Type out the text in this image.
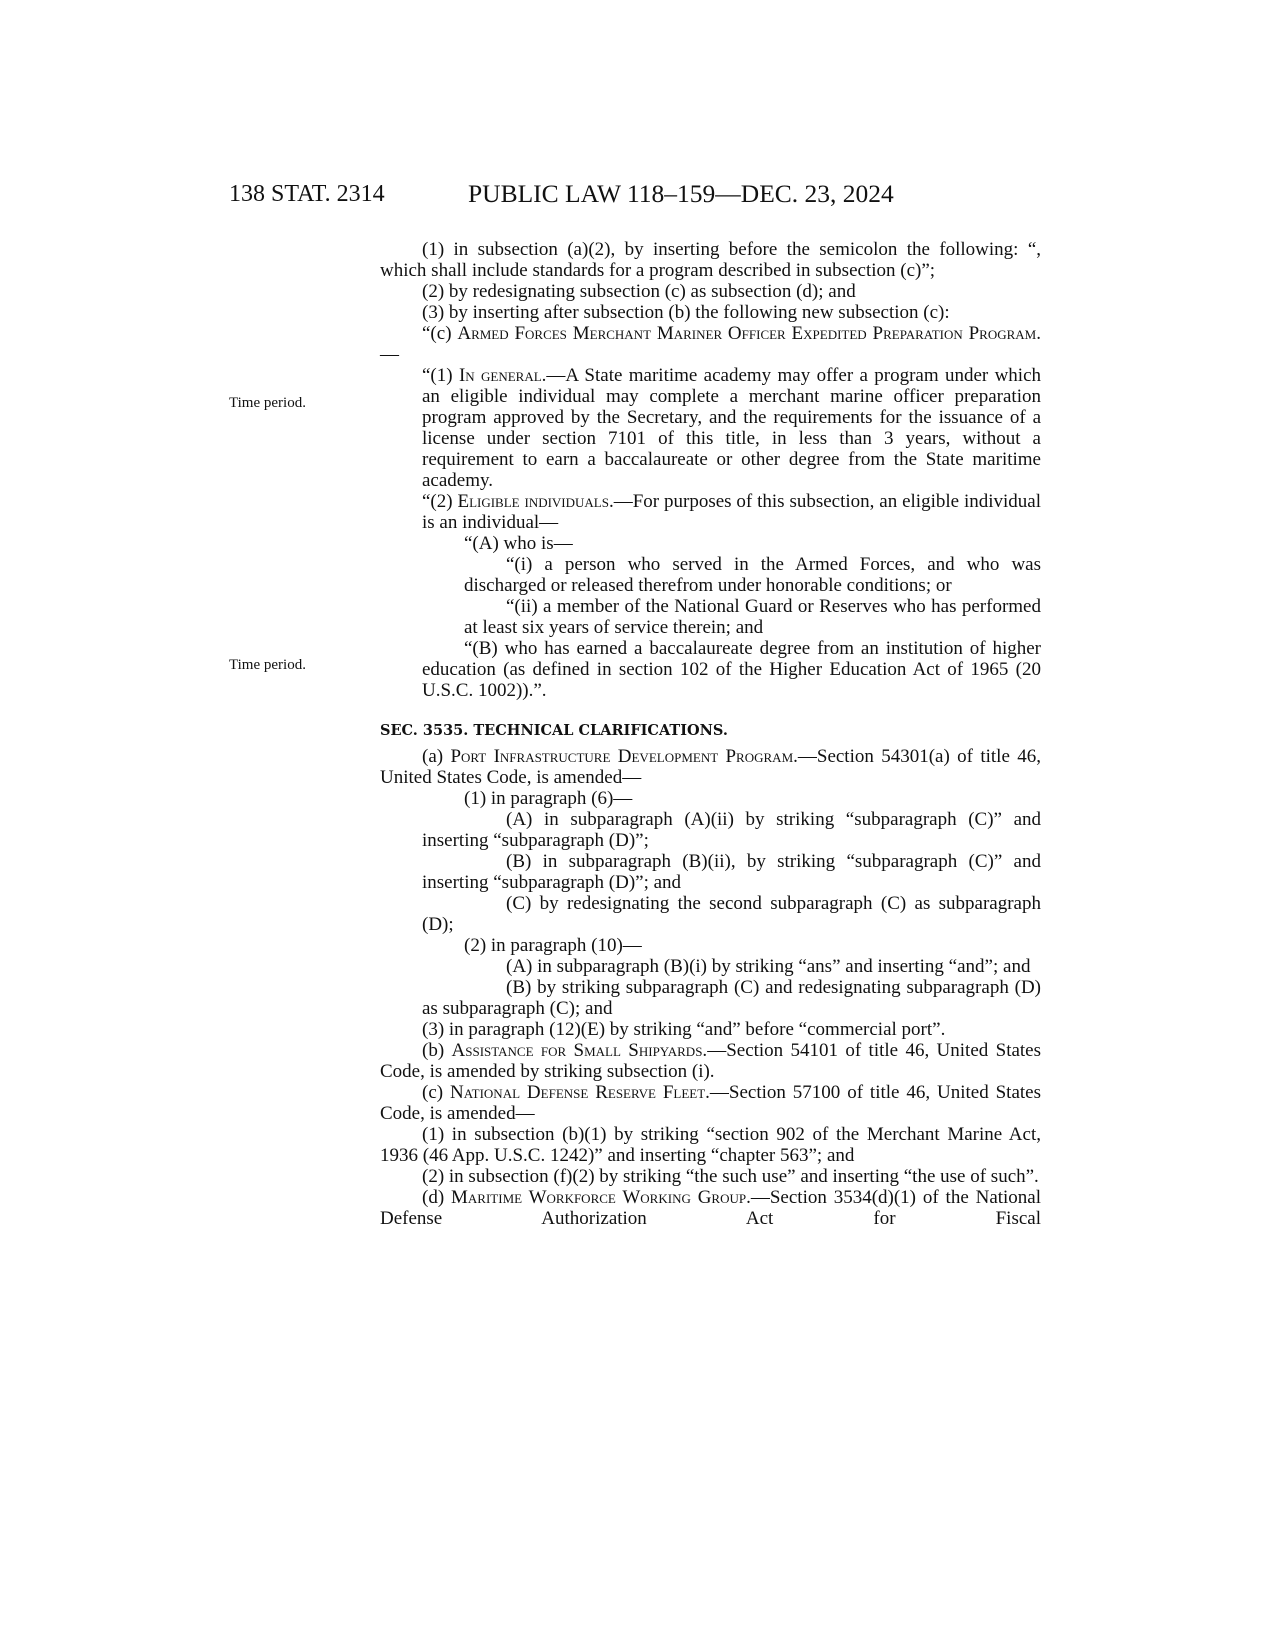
138 STAT. 2314	PUBLIC LAW 118–159—DEC. 23, 2024
Time period.
Time period.

(1) in subsection (a)(2), by inserting before the semicolon the following: “, which shall include standards for a program described in subsection (c)”;

(2) by redesignating subsection (c) as subsection (d); and

(3) by inserting after subsection (b) the following new subsection (c):

“(c) Armed Forces Merchant Mariner Officer Expedited Preparation Program.—

“(1) In general.—A State maritime academy may offer a program under which an eligible individual may complete a merchant marine officer preparation program approved by the Secretary, and the requirements for the issuance of a license under section 7101 of this title, in less than 3 years, without a requirement to earn a baccalaureate or other degree from the State maritime academy.

“(2) Eligible individuals.—For purposes of this subsection, an eligible individual is an individual—

“(A) who is—

“(i) a person who served in the Armed Forces, and who was discharged or released therefrom under honorable conditions; or

“(ii) a member of the National Guard or Reserves who has performed at least six years of service therein; and

“(B) who has earned a baccalaureate degree from an institution of higher education (as defined in section 102 of the Higher Education Act of 1965 (20 U.S.C. 1002)).”.

SEC. 3535. TECHNICAL CLARIFICATIONS.

(a) Port Infrastructure Development Program.—Section 54301(a) of title 46, United States Code, is amended—

(1) in paragraph (6)—

(A) in subparagraph (A)(ii) by striking “subparagraph (C)” and inserting “subparagraph (D)”;

(B) in subparagraph (B)(ii), by striking “subparagraph (C)” and inserting “subparagraph (D)”; and

(C) by redesignating the second subparagraph (C) as subparagraph (D);

(2) in paragraph (10)—

(A) in subparagraph (B)(i) by striking “ans” and inserting “and”; and

(B) by striking subparagraph (C) and redesignating subparagraph (D) as subparagraph (C); and

(3) in paragraph (12)(E) by striking “and” before “commercial port”.

(b) Assistance for Small Shipyards.—Section 54101 of title 46, United States Code, is amended by striking subsection (i).

(c) National Defense Reserve Fleet.—Section 57100 of title 46, United States Code, is amended—

(1) in subsection (b)(1) by striking “section 902 of the Merchant Marine Act, 1936 (46 App. U.S.C. 1242)” and inserting “chapter 563”; and

(2) in subsection (f)(2) by striking “the such use” and inserting “the use of such”.

(d) Maritime Workforce Working Group.—Section 3534(d)(1) of the National Defense Authorization Act for Fiscal
